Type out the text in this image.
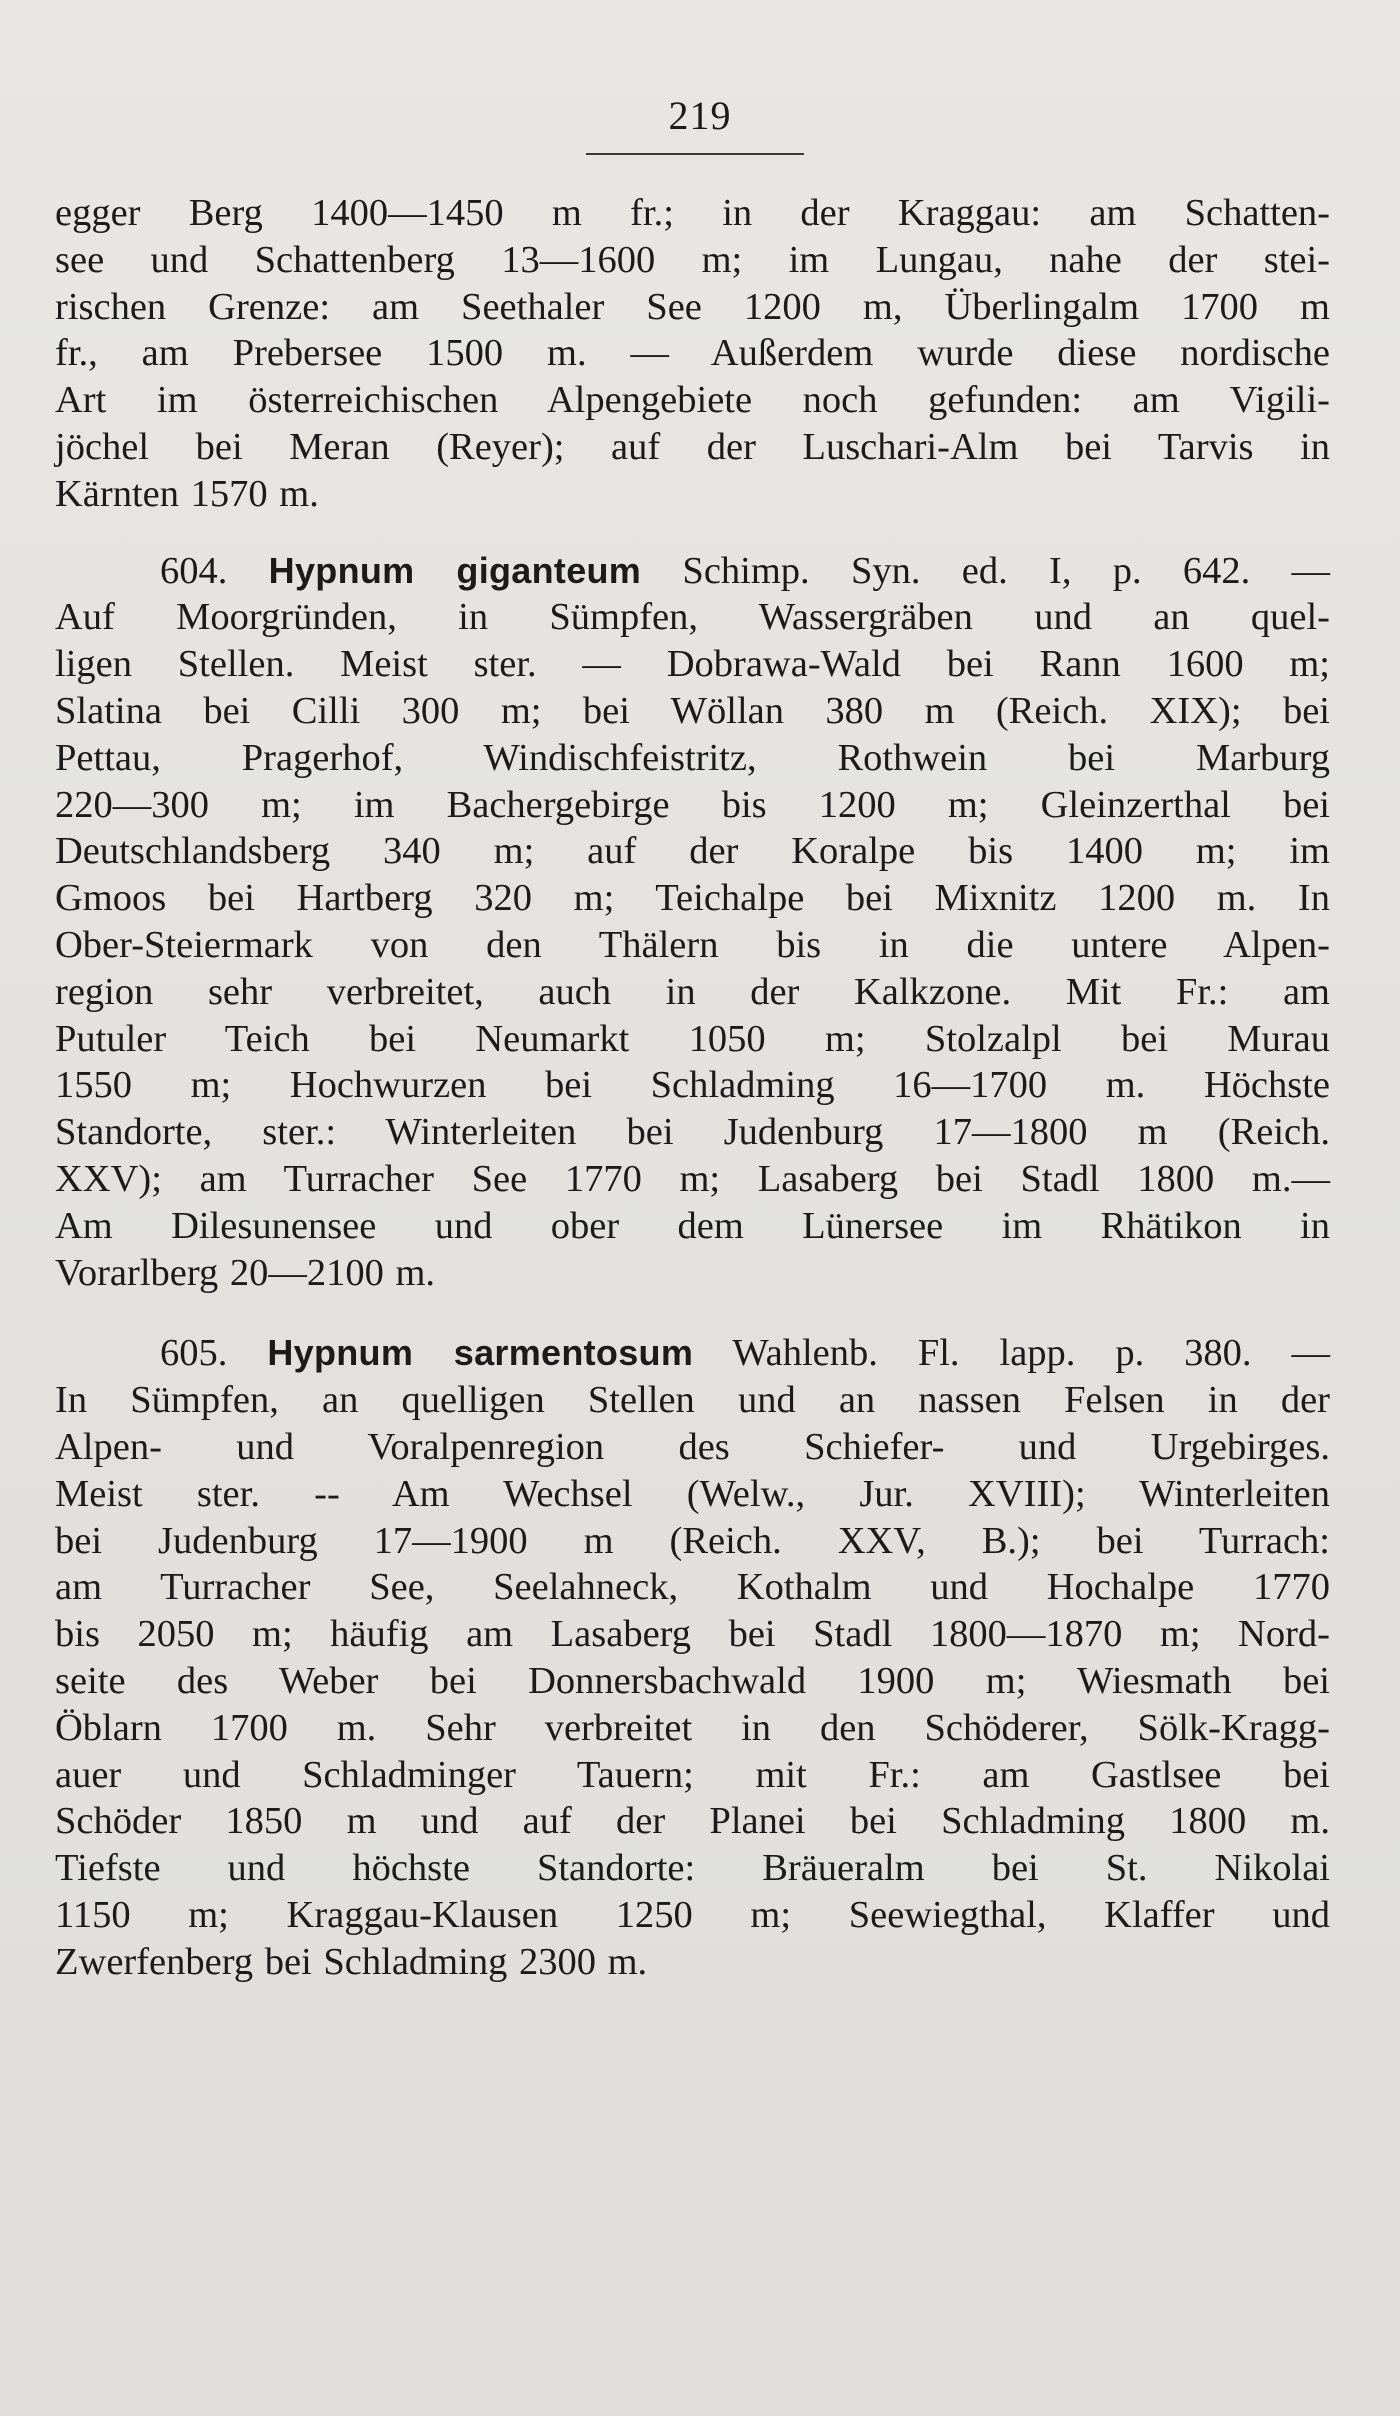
219
egger Berg 1400—1450 m fr.; in der Kraggau: am Schatten-
see und Schattenberg 13—1600 m; im Lungau, nahe der stei-
rischen Grenze: am Seethaler See 1200 m, Überlingalm 1700 m
fr., am Prebersee 1500 m. — Außerdem wurde diese nordische
Art im österreichischen Alpengebiete noch gefunden: am Vigili-
jöchel bei Meran (Reyer); auf der Luschari-Alm bei Tarvis in
Kärnten 1570 m.
604. Hypnum giganteum Schimp. Syn. ed. I, p. 642. —
Auf Moorgründen, in Sümpfen, Wassergräben und an quel-
ligen Stellen. Meist ster. — Dobrawa-Wald bei Rann 1600 m;
Slatina bei Cilli 300 m; bei Wöllan 380 m (Reich. XIX); bei
Pettau, Pragerhof, Windischfeistritz, Rothwein bei Marburg
220—300 m; im Bachergebirge bis 1200 m; Gleinzerthal bei
Deutschlandsberg 340 m; auf der Koralpe bis 1400 m; im
Gmoos bei Hartberg 320 m; Teichalpe bei Mixnitz 1200 m. In
Ober-Steiermark von den Thälern bis in die untere Alpen-
region sehr verbreitet, auch in der Kalkzone. Mit Fr.: am
Putuler Teich bei Neumarkt 1050 m; Stolzalpl bei Murau
1550 m; Hochwurzen bei Schladming 16—1700 m. Höchste
Standorte, ster.: Winterleiten bei Judenburg 17—1800 m (Reich.
XXV); am Turracher See 1770 m; Lasaberg bei Stadl 1800 m.—
Am Dilesunensee und ober dem Lünersee im Rhätikon in
Vorarlberg 20—2100 m.
605. Hypnum sarmentosum Wahlenb. Fl. lapp. p. 380. —
In Sümpfen, an quelligen Stellen und an nassen Felsen in der
Alpen- und Voralpenregion des Schiefer- und Urgebirges.
Meist ster. -- Am Wechsel (Welw., Jur. XVIII); Winterleiten
bei Judenburg 17—1900 m (Reich. XXV, B.); bei Turrach:
am Turracher See, Seelahneck, Kothalm und Hochalpe 1770
bis 2050 m; häufig am Lasaberg bei Stadl 1800—1870 m; Nord-
seite des Weber bei Donnersbachwald 1900 m; Wiesmath bei
Öblarn 1700 m. Sehr verbreitet in den Schöderer, Sölk-Kragg-
auer und Schladminger Tauern; mit Fr.: am Gastlsee bei
Schöder 1850 m und auf der Planei bei Schladming 1800 m.
Tiefste und höchste Standorte: Bräueralm bei St. Nikolai
1150 m; Kraggau-Klausen 1250 m; Seewiegthal, Klaffer und
Zwerfenberg bei Schladming 2300 m.
